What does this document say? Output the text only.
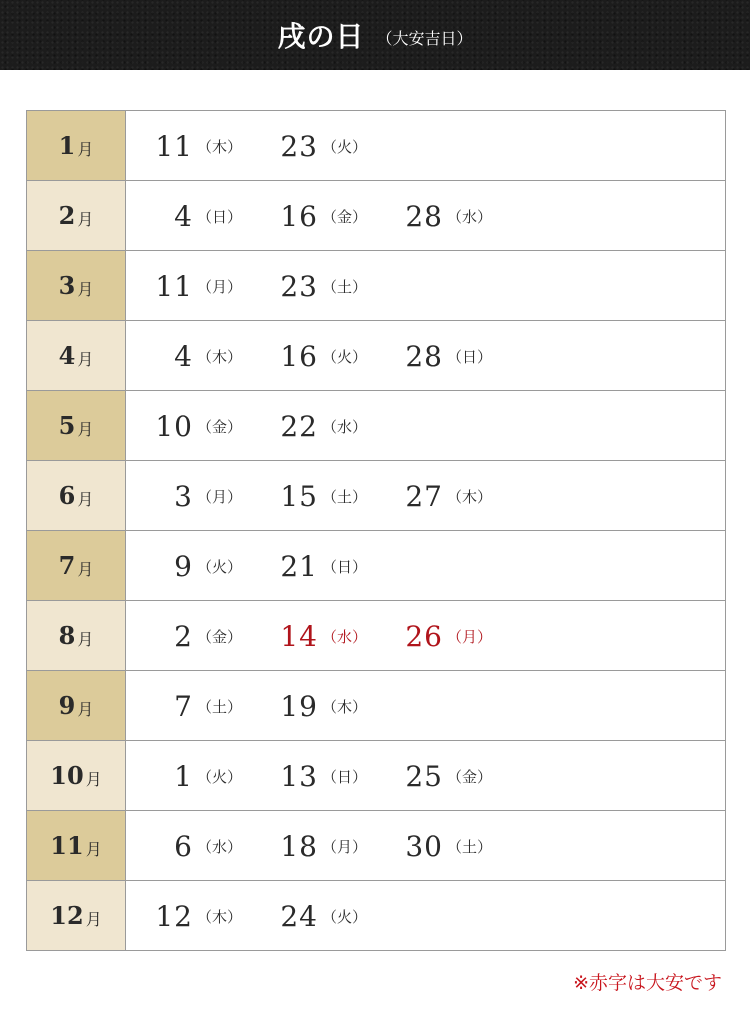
戌の日 （大安吉日）
1 月	11 （木）	23 （火）
2 月	4 （日）	16 （金）	28 （水）
3 月	11 （月）	23 （土）
4 月	4 （木）	16 （火）	28 （日）
5 月	10 （金）	22 （水）
6 月	3 （月）	15 （土）	27 （木）
7 月	9 （火）	21 （日）
8 月	2 （金）	14 （水）	26 （月）
9 月	7 （土）	19 （木）
10 月	1 （火）	13 （日）	25 （金）
11 月	6 （水）	18 （月）	30 （土）
12 月	12 （木）	24 （火）
※赤字は大安です
